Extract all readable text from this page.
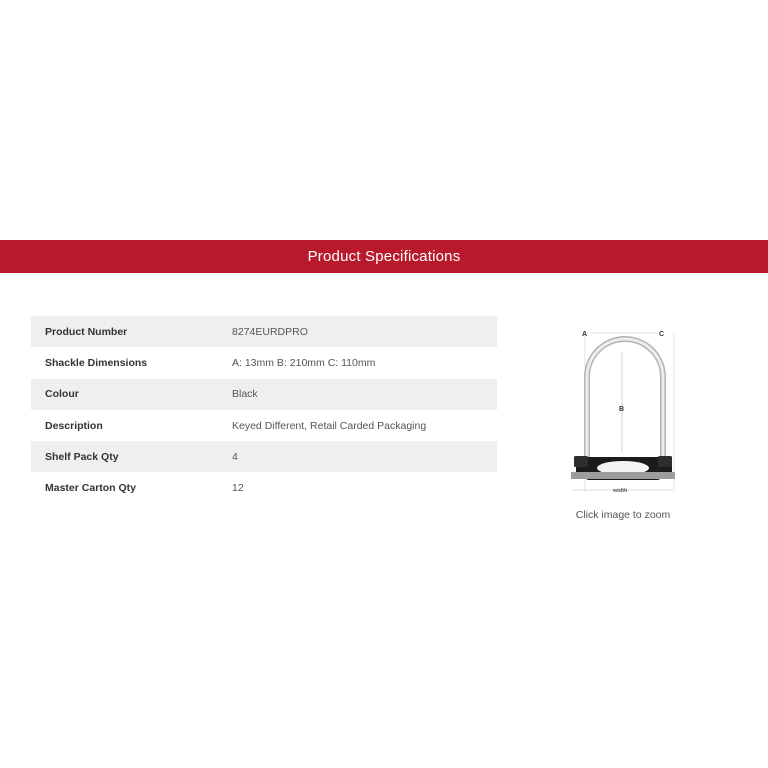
Product Specifications
Product Number	8274EURDPRO
Shackle Dimensions	A: 13mm B: 210mm C: 110mm
Colour	Black
Description	Keyed Different, Retail Carded Packaging
Shelf Pack Qty	4
Master Carton Qty	12
A	C
B
width
Click image to zoom
